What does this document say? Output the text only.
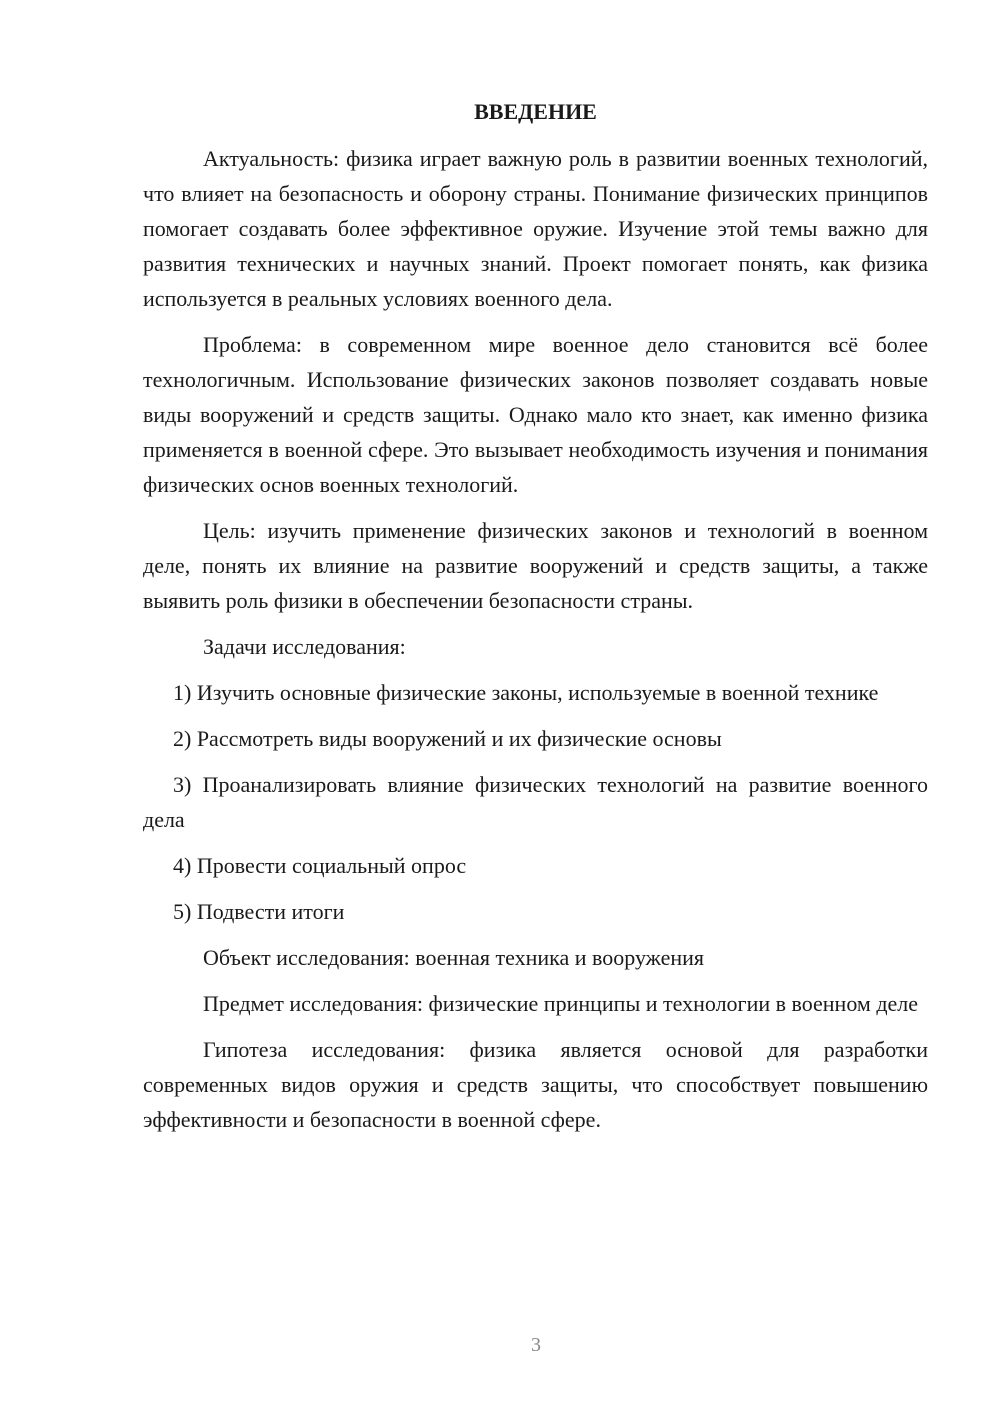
ВВЕДЕНИЕ

Актуальность: физика играет важную роль в развитии военных технологий, что влияет на безопасность и оборону страны. Понимание физических принципов помогает создавать более эффективное оружие. Изучение этой темы важно для развития технических и научных знаний. Проект помогает понять, как физика используется в реальных условиях военного дела.

Проблема: в современном мире военное дело становится всё более технологичным. Использование физических законов позволяет создавать новые виды вооружений и средств защиты. Однако мало кто знает, как именно физика применяется в военной сфере. Это вызывает необходимость изучения и понимания физических основ военных технологий.

Цель: изучить применение физических законов и технологий в военном деле, понять их влияние на развитие вооружений и средств защиты, а также выявить роль физики в обеспечении безопасности страны.

Задачи исследования:

1) Изучить основные физические законы, используемые в военной технике

2) Рассмотреть виды вооружений и их физические основы

3) Проанализировать влияние физических технологий на развитие военного дела

4) Провести социальный опрос

5) Подвести итоги

Объект исследования: военная техника и вооружения

Предмет исследования: физические принципы и технологии в военном деле

Гипотеза исследования: физика является основой для разработки современных видов оружия и средств защиты, что способствует повышению эффективности и безопасности в военной сфере.

3
